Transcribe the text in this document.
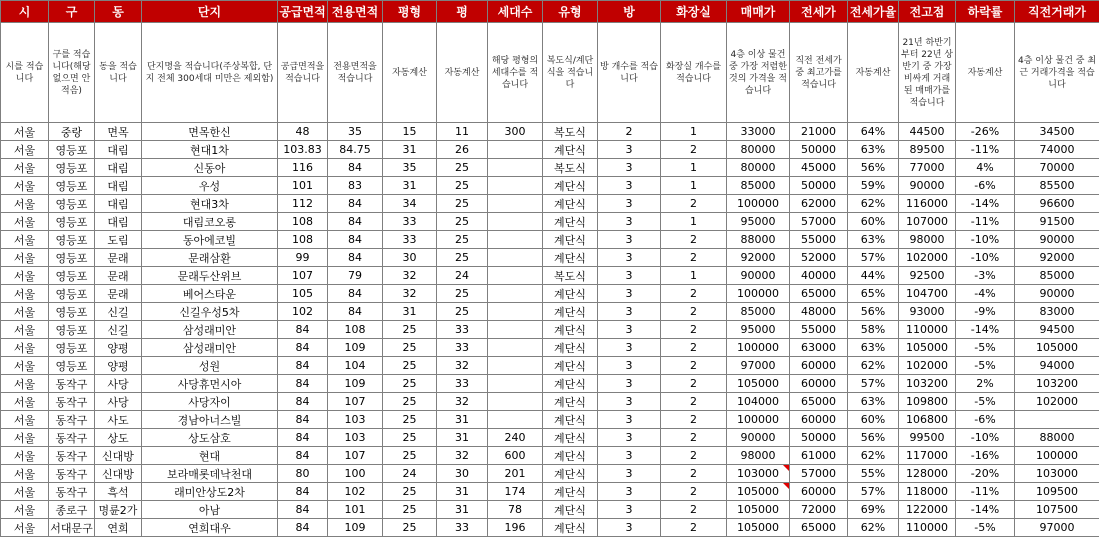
시	구	동	단지	공급면적	전용면적	평형	평	세대수	유형	방	화장실	매매가	전세가	전세가율	전고점	하락률	직전거래가
시를 적습니다	구를 적습니다(해당 없으면 안 적음)	동을 적습니다	단지명을 적습니다(주상복합, 단지 전체 300세대 미만은 제외함)	공급면적을 적습니다	전용면적을 적습니다	자동계산	자동계산	해당 평형의 세대수를 적습니다	복도식/계단식을 적습니다	방 개수를 적습니다	화장실 개수를 적습니다	4층 이상 물건 중 가장 저렴한 것의 가격을 적습니다	직전 전세가 중 최고가를 적습니다	자동계산	21년 하반기부터 22년 상반기 중 가장 비싸게 거래된 매매가를 적습니다	자동계산	4층 이상 물건 중 최근 거래가격을 적습니다
서울	중랑	면목	면목한신	48	35	15	11	300	복도식	2	1	33000	21000	64%	44500	-26%	34500
서울	영등포	대림	현대1차	103.83	84.75	31	26		계단식	3	2	80000	50000	63%	89500	-11%	74000
서울	영등포	대림	신동아	116	84	35	25		복도식	3	1	80000	45000	56%	77000	4%	70000
서울	영등포	대림	우성	101	83	31	25		계단식	3	1	85000	50000	59%	90000	-6%	85500
서울	영등포	대림	현대3차	112	84	34	25		계단식	3	2	100000	62000	62%	116000	-14%	96600
서울	영등포	대림	대림코오롱	108	84	33	25		계단식	3	1	95000	57000	60%	107000	-11%	91500
서울	영등포	도림	동아에코빌	108	84	33	25		계단식	3	2	88000	55000	63%	98000	-10%	90000
서울	영등포	문래	문래삼환	99	84	30	25		계단식	3	2	92000	52000	57%	102000	-10%	92000
서울	영등포	문래	문래두산위브	107	79	32	24		복도식	3	1	90000	40000	44%	92500	-3%	85000
서울	영등포	문래	베어스타운	105	84	32	25		계단식	3	2	100000	65000	65%	104700	-4%	90000
서울	영등포	신길	신길우성5차	102	84	31	25		계단식	3	2	85000	48000	56%	93000	-9%	83000
서울	영등포	신길	삼성래미안	84	108	25	33		계단식	3	2	95000	55000	58%	110000	-14%	94500
서울	영등포	양평	삼성래미안	84	109	25	33		계단식	3	2	100000	63000	63%	105000	-5%	105000
서울	영등포	양평	성원	84	104	25	32		계단식	3	2	97000	60000	62%	102000	-5%	94000
서울	동작구	사당	사당휴먼시아	84	109	25	33		계단식	3	2	105000	60000	57%	103200	2%	103200
서울	동작구	사당	사당자이	84	107	25	32		계단식	3	2	104000	65000	63%	109800	-5%	102000
서울	동작구	사도	경남아너스빌	84	103	25	31		계단식	3	2	100000	60000	60%	106800	-6%	
서울	동작구	상도	상도삼호	84	103	25	31	240	계단식	3	2	90000	50000	56%	99500	-10%	88000
서울	동작구	신대방	현대	84	107	25	32	600	계단식	3	2	98000	61000	62%	117000	-16%	100000
서울	동작구	신대방	보라매롯데낙천대	80	100	24	30	201	계단식	3	2	103000	57000	55%	128000	-20%	103000
서울	동작구	흑석	래미안상도2차	84	102	25	31	174	계단식	3	2	105000	60000	57%	118000	-11%	109500
서울	종로구	명륜2가	아남	84	101	25	31	78	계단식	3	2	105000	72000	69%	122000	-14%	107500
서울	서대문구	연희	연희대우	84	109	25	33	196	계단식	3	2	105000	65000	62%	110000	-5%	97000
